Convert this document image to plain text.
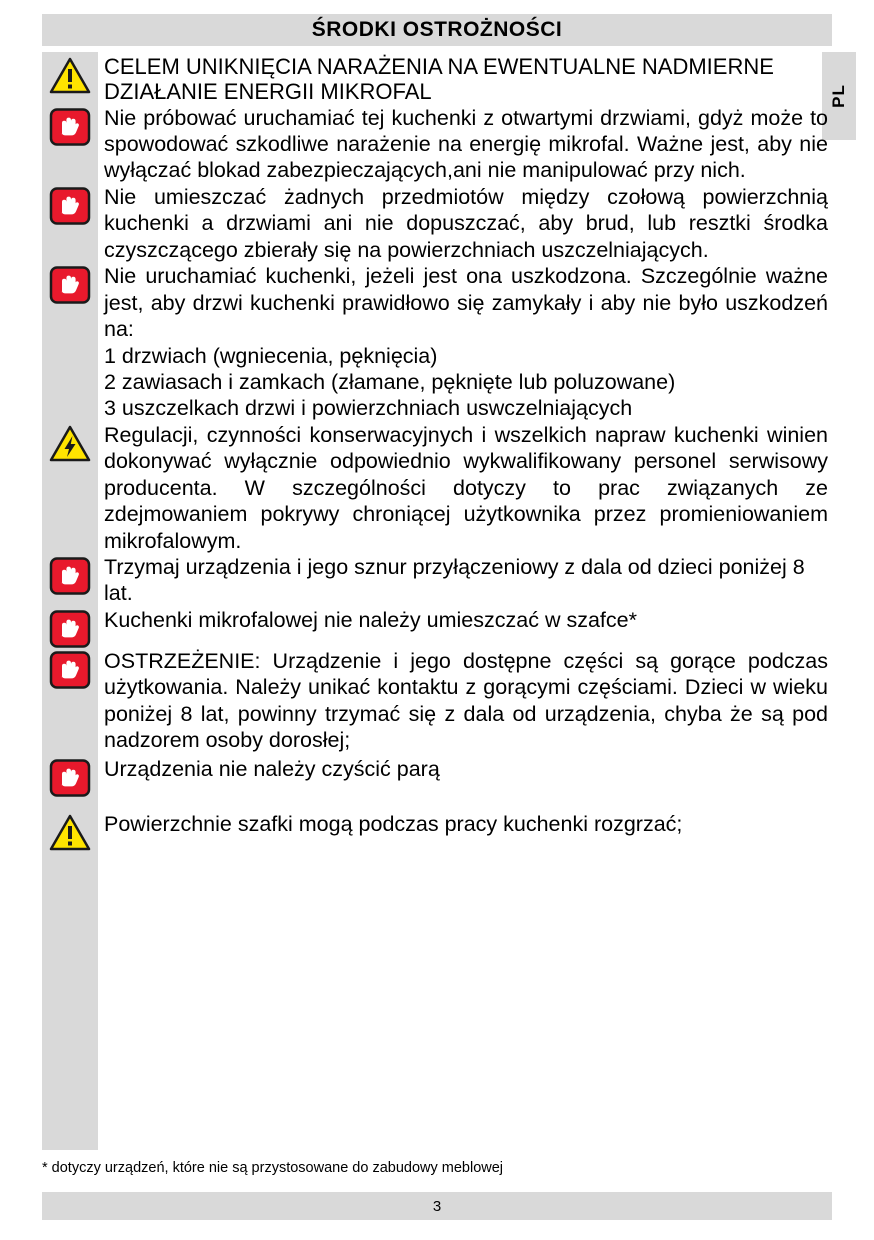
ŚRODKI OSTROŻNOŚCI
PL
CELEM UNIKNIĘCIA NARAŻENIA NA EWENTUALNE NADMIERNE DZIAŁANIE ENERGII MIKROFAL
Nie próbować uruchamiać tej kuchenki z otwartymi drzwiami, gdyż może to spowodować szkodliwe narażenie na energię mikrofal. Ważne jest, aby nie wyłączać blokad zabezpieczających,ani nie manipulować przy nich.
Nie umieszczać żadnych przedmiotów między czołową powierzchnią kuchenki a drzwiami ani nie dopuszczać, aby brud, lub resztki środka czyszczącego zbierały się na powierzchniach uszczelniających.
Nie uruchamiać kuchenki, jeżeli jest ona uszkodzona. Szczególnie ważne jest, aby drzwi kuchenki prawidłowo się zamykały i aby nie było uszkodzeń na:
1 drzwiach (wgniecenia, pęknięcia)
2 zawiasach i zamkach (złamane, pęknięte lub poluzowane)
3 uszczelkach drzwi i powierzchniach uswczelniających
Regulacji, czynności konserwacyjnych i wszelkich napraw kuchenki winien dokonywać wyłącznie odpowiednio wykwalifikowany personel serwisowy producenta. W szczególności dotyczy to prac związanych ze zdejmowaniem pokrywy chroniącej użytkownika przez promieniowaniem mikrofalowym.
Trzymaj urządzenia i jego sznur przyłączeniowy z dala od dzieci poniżej 8 lat.
Kuchenki mikrofalowej nie należy umieszczać w szafce*
OSTRZEŻENIE: Urządzenie i jego dostępne części są gorące podczas użytkowania. Należy unikać kontaktu z gorącymi częściami. Dzieci w wieku poniżej 8 lat, powinny trzymać się z dala od urządzenia, chyba że są pod nadzorem osoby dorosłej;
Urządzenia nie należy czyścić parą
Powierzchnie szafki mogą podczas pracy kuchenki rozgrzać;
* dotyczy urządzeń, które nie są przystosowane do zabudowy meblowej
3
